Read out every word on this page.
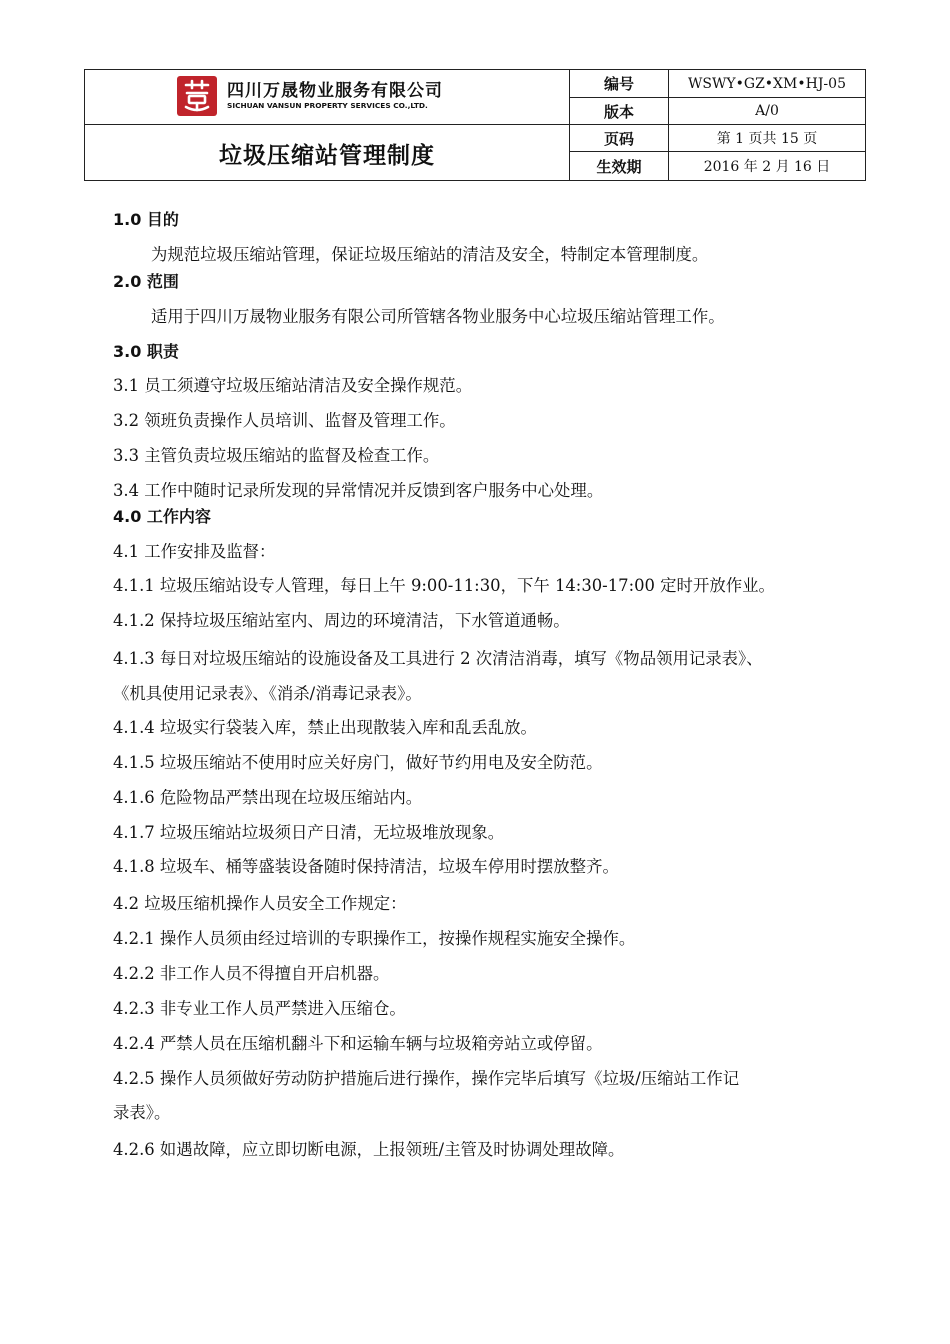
四川万晟物业服务有限公司
SICHUAN VANSUN PROPERTY SERVICES CO.,LTD.
垃圾压缩站管理制度
编号
版本
页码
生效期
WSWY•GZ•XM•HJ-05
A/0
第 1 页共 15 页
2016 年 2 月 16 日
1.0 目的
为规范垃圾压缩站管理，保证垃圾压缩站的清洁及安全，特制定本管理制度。
2.0 范围
适用于四川万晟物业服务有限公司所管辖各物业服务中心垃圾压缩站管理工作。
3.0 职责
3.1 员工须遵守垃圾压缩站清洁及安全操作规范。
3.2 领班负责操作人员培训、监督及管理工作。
3.3 主管负责垃圾压缩站的监督及检查工作。
3.4 工作中随时记录所发现的异常情况并反馈到客户服务中心处理。
4.0 工作内容
4.1 工作安排及监督：
4.1.1 垃圾压缩站设专人管理，每日上午 9:00-11:30，下午 14:30-17:00 定时开放作业。
4.1.2 保持垃圾压缩站室内、周边的环境清洁，下水管道通畅。
4.1.3 每日对垃圾压缩站的设施设备及工具进行 2 次清洁消毒，填写《物品领用记录表》、
《机具使用记录表》、《消杀/消毒记录表》。
4.1.4 垃圾实行袋装入库，禁止出现散装入库和乱丢乱放。
4.1.5 垃圾压缩站不使用时应关好房门，做好节约用电及安全防范。
4.1.6 危险物品严禁出现在垃圾压缩站内。
4.1.7 垃圾压缩站垃圾须日产日清，无垃圾堆放现象。
4.1.8 垃圾车、桶等盛装设备随时保持清洁，垃圾车停用时摆放整齐。
4.2 垃圾压缩机操作人员安全工作规定：
4.2.1 操作人员须由经过培训的专职操作工，按操作规程实施安全操作。
4.2.2 非工作人员不得擅自开启机器。
4.2.3 非专业工作人员严禁进入压缩仓。
4.2.4 严禁人员在压缩机翻斗下和运输车辆与垃圾箱旁站立或停留。
4.2.5 操作人员须做好劳动防护措施后进行操作，操作完毕后填写《垃圾/压缩站工作记
录表》。
4.2.6 如遇故障，应立即切断电源，上报领班/主管及时协调处理故障。
